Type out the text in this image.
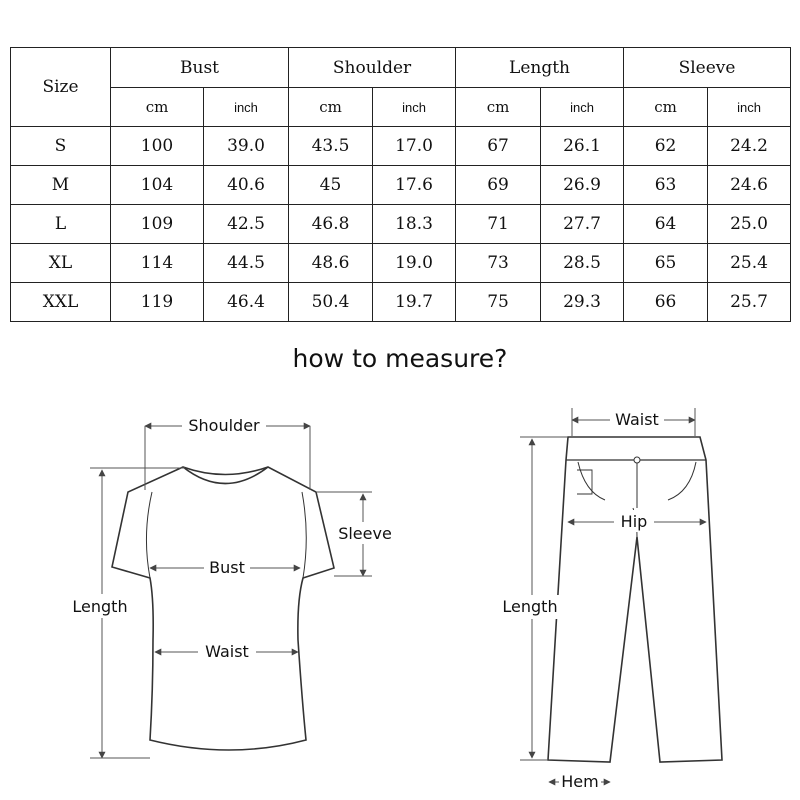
Size	Bust		Shoulder		Length		Sleeve	
	cm	inch	cm	inch	cm	inch	cm	inch
S	100	39.0	43.5	17.0	67	26.1	62	24.2
M	104	40.6	45	17.6	69	26.9	63	24.6
L	109	42.5	46.8	18.3	71	27.7	64	25.0
XL	114	44.5	48.6	19.0	73	28.5	65	25.4
XXL	119	46.4	50.4	19.7	75	29.3	66	25.7
how to measure?
Shoulder
Sleeve
Bust
Length
Waist
Waist
Hip
Length
Hem
